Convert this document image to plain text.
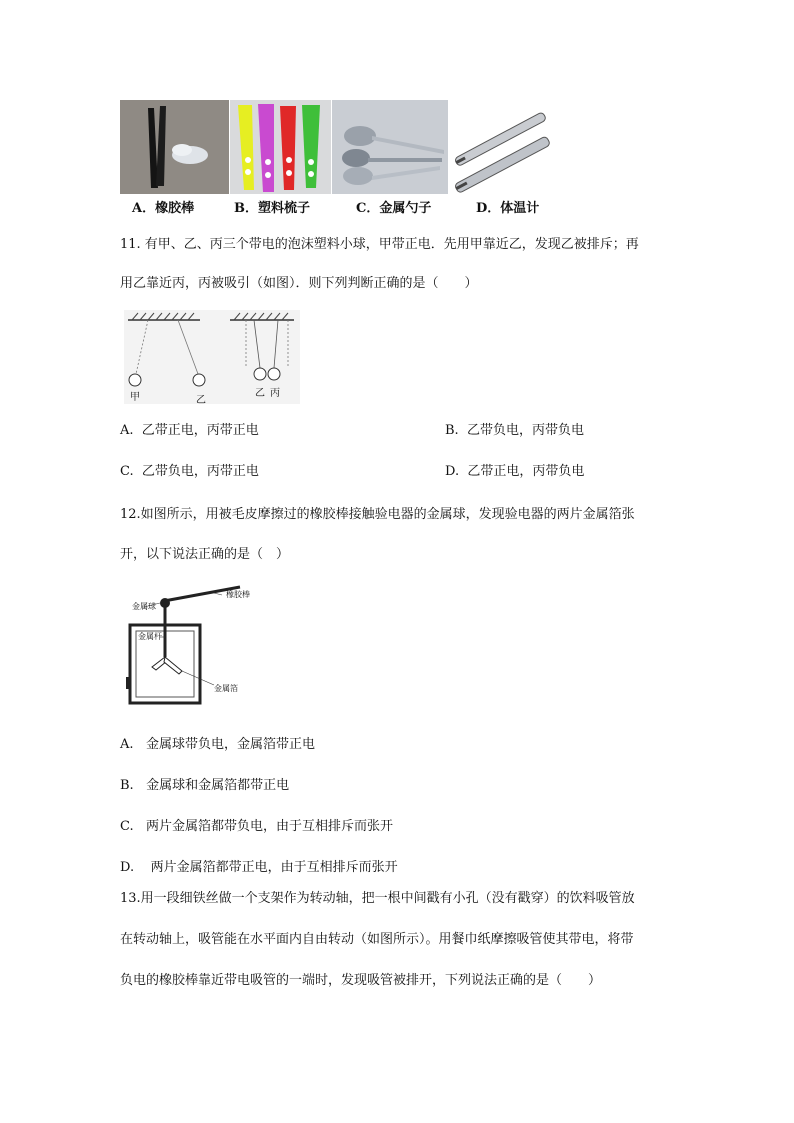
A．橡胶棒	B．塑料梳子	C．金属勺子	D．体温计
11. 有甲、乙、丙三个带电的泡沫塑料小球，甲带正电．先用甲靠近乙，发现乙被排斥；再
用乙靠近丙，丙被吸引（如图）．则下列判断正确的是（　　）
甲	乙
乙 丙
A. 乙带正电，丙带正电	B. 乙带负电，丙带负电
C. 乙带负电，丙带正电	D. 乙带正电，丙带负电
12.如图所示，用被毛皮摩擦过的橡胶棒接触验电器的金属球，发现验电器的两片金属箔张
开，以下说法正确的是（　）
金属球
橡胶棒
金属杆
金属箔
A. 金属球带负电，金属箔带正电
B. 金属球和金属箔都带正电
C. 两片金属箔都带负电，由于互相排斥而张开
D. 两片金属箔都带正电，由于互相排斥而张开
13.用一段细铁丝做一个支架作为转动轴，把一根中间戳有小孔（没有戳穿）的饮料吸管放
在转动轴上，吸管能在水平面内自由转动（如图所示）。用餐巾纸摩擦吸管使其带电，将带
负电的橡胶棒靠近带电吸管的一端时，发现吸管被排开，下列说法正确的是（　　）
